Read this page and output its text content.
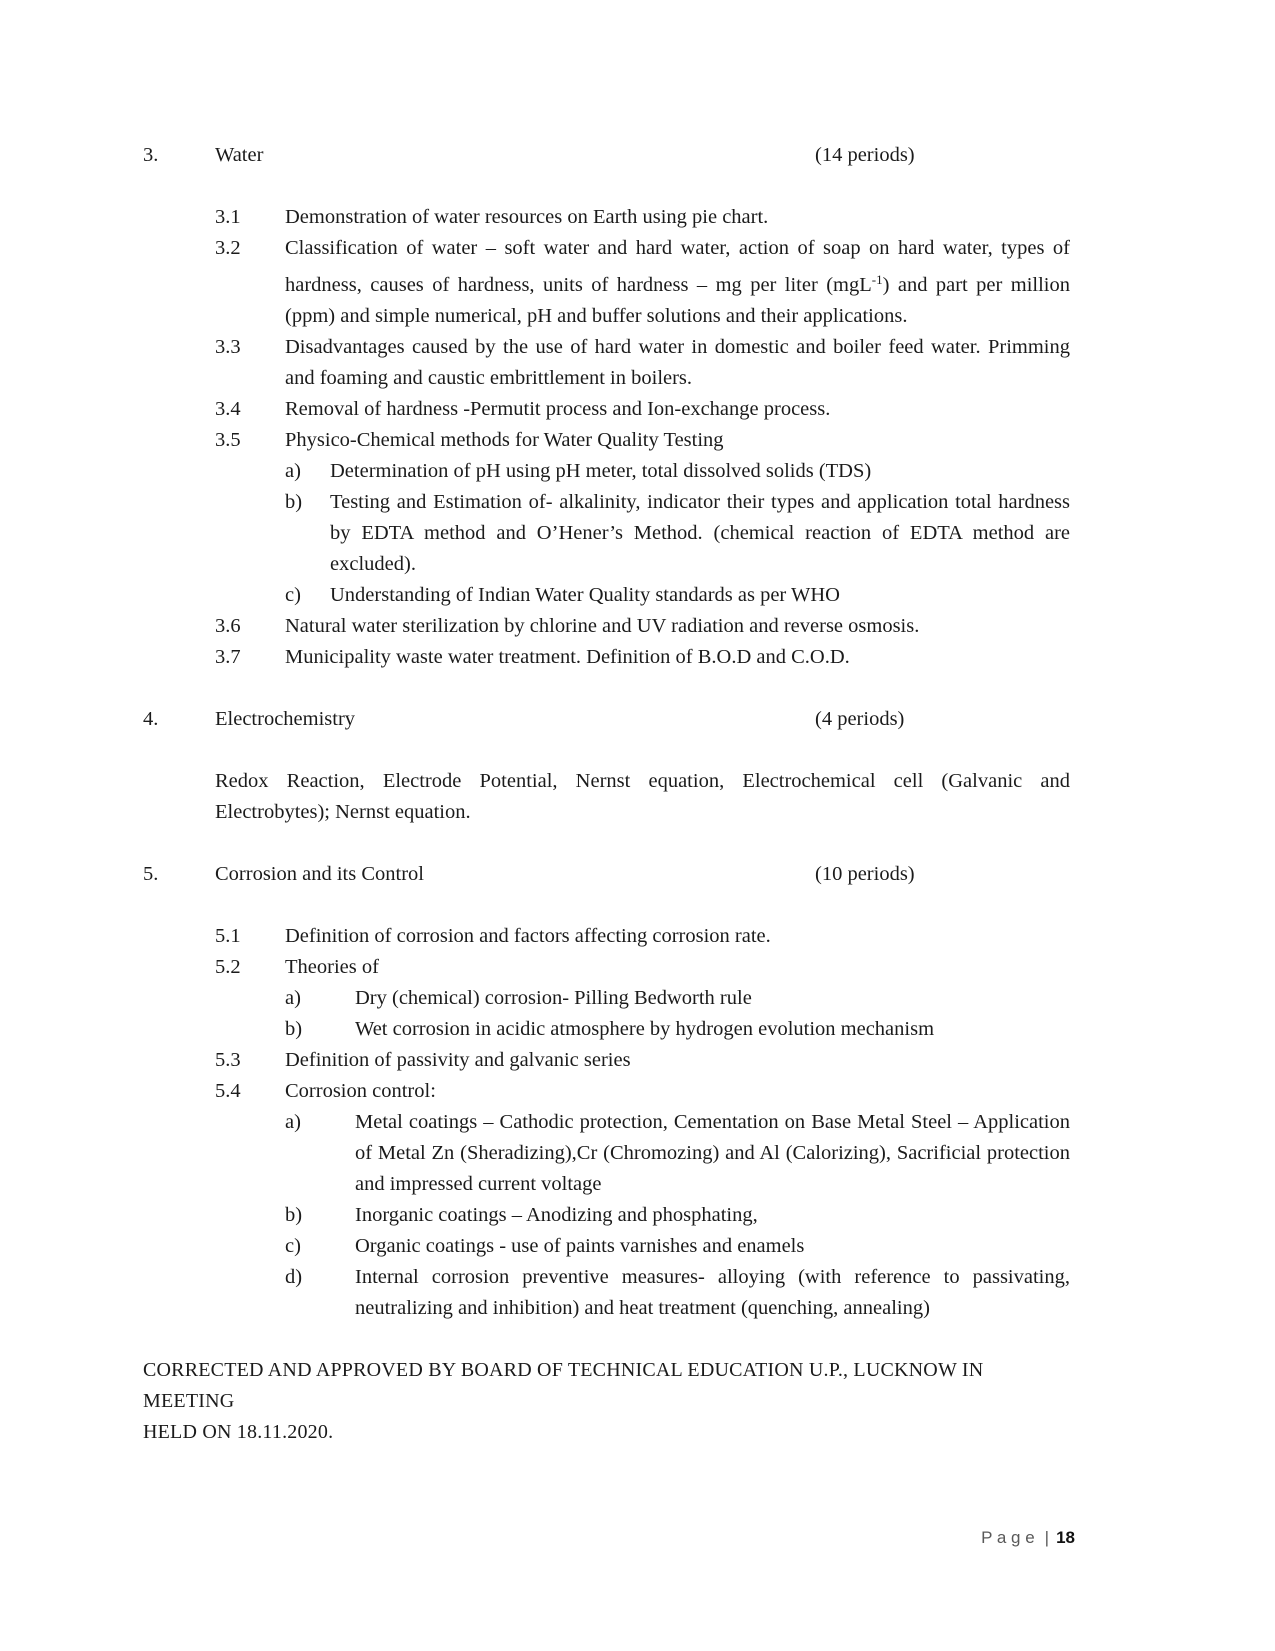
3.	Water	(14 periods)
3.1	Demonstration of water resources on Earth using pie chart.
3.2	Classification of water – soft water and hard water, action of soap on hard water, types of hardness, causes of hardness, units of hardness – mg per liter (mgL$^{-1}$) and part per million (ppm) and simple numerical, pH and buffer solutions and their applications.
3.3	Disadvantages caused by the use of hard water in domestic and boiler feed water. Primming and foaming and caustic embrittlement in boilers.
3.4	Removal of hardness -Permutit process and Ion-exchange process.
3.5	Physico-Chemical methods for Water Quality Testing
a)	Determination of pH using pH meter, total dissolved solids (TDS)
b)	Testing and Estimation of- alkalinity, indicator their types and application total hardness by EDTA method and O’Hener’s Method. (chemical reaction of EDTA method are excluded).
c)	Understanding of Indian Water Quality standards as per WHO
3.6	Natural water sterilization by chlorine and UV radiation and reverse osmosis.
3.7	Municipality waste water treatment. Definition of B.O.D and C.O.D.
4.	Electrochemistry	(4 periods)
Redox Reaction, Electrode Potential, Nernst equation, Electrochemical cell (Galvanic and Electrobytes); Nernst equation.
5.	Corrosion and its Control	(10 periods)
5.1	Definition of corrosion and factors affecting corrosion rate.
5.2	Theories of
a)	Dry (chemical) corrosion- Pilling Bedworth rule
b)	Wet corrosion in acidic atmosphere by hydrogen evolution mechanism
5.3	Definition of passivity and galvanic series
5.4	Corrosion control:
a)	Metal coatings – Cathodic protection, Cementation on Base Metal Steel – Application of Metal Zn (Sheradizing),Cr (Chromozing) and Al (Calorizing), Sacrificial protection and impressed current voltage
b)	Inorganic coatings – Anodizing and phosphating,
c)	Organic coatings - use of paints varnishes and enamels
d)	Internal corrosion preventive measures- alloying (with reference to passivating, neutralizing and inhibition) and heat treatment (quenching, annealing)
CORRECTED AND APPROVED BY BOARD OF TECHNICAL EDUCATION U.P., LUCKNOW IN MEETING
HELD ON 18.11.2020.
P a g e | 18
